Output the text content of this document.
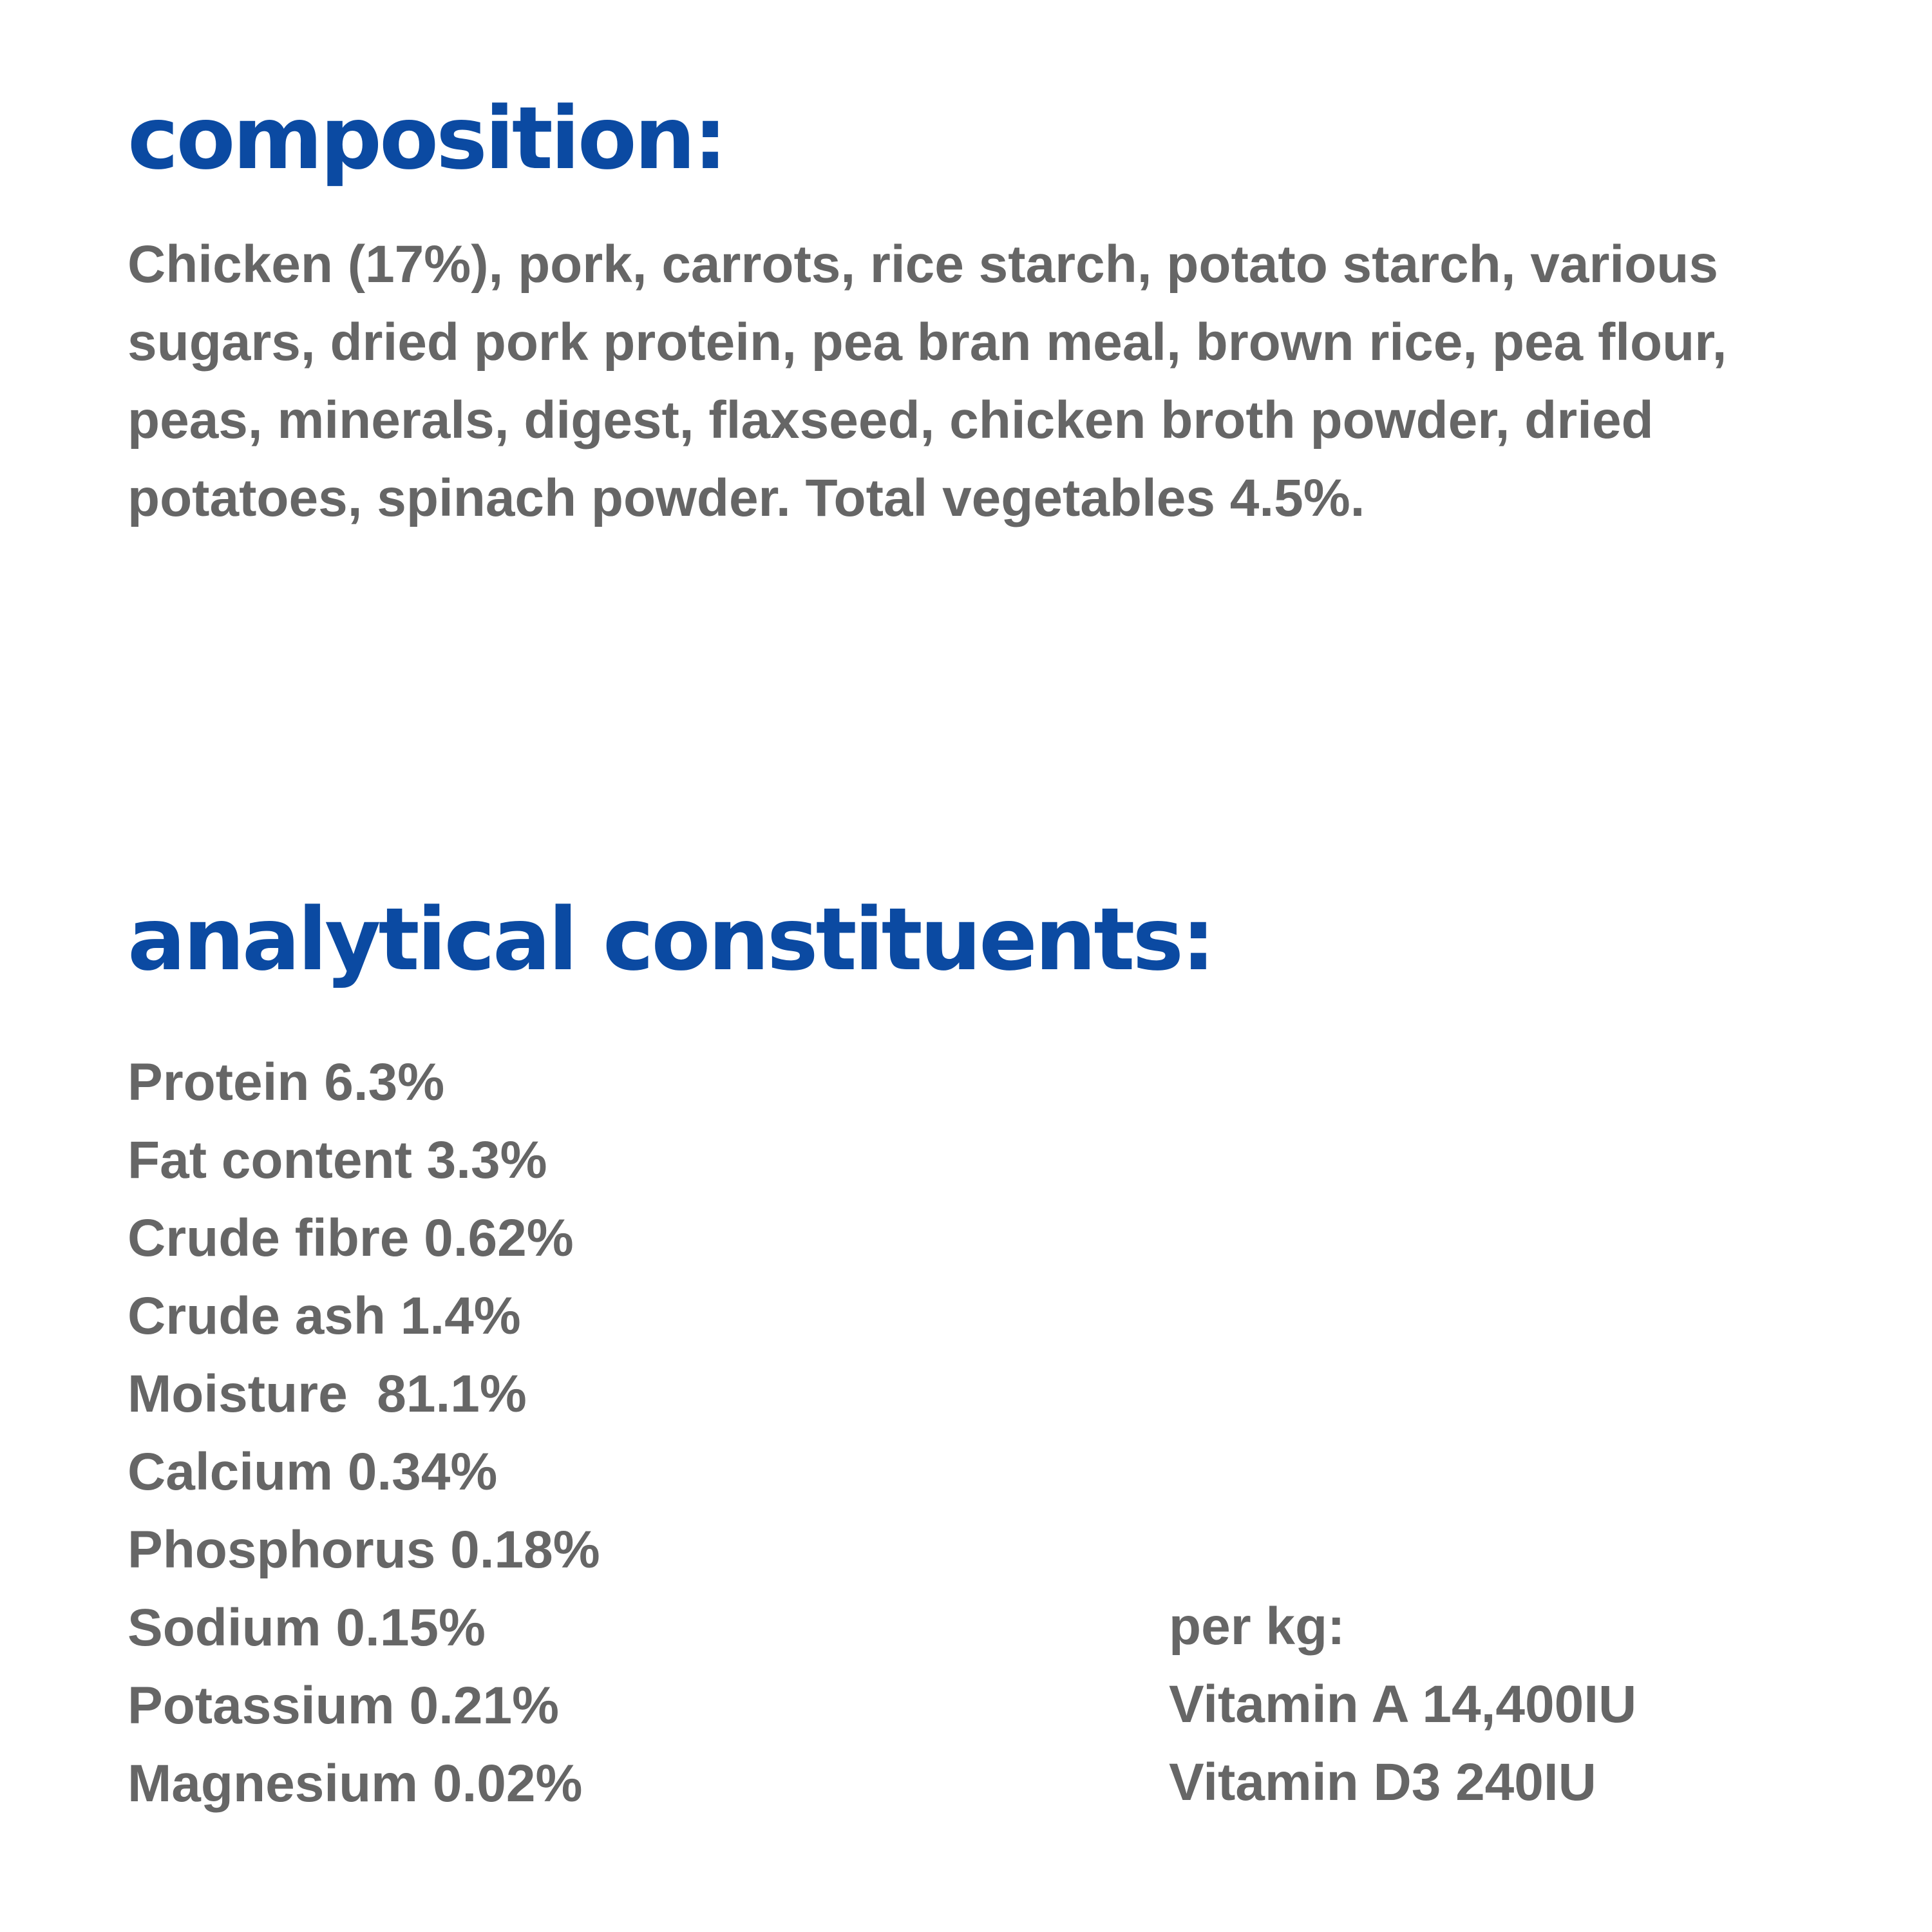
composition:

Chicken (17%), pork, carrots, rice starch, potato starch, various sugars, dried pork protein, pea bran meal, brown rice, pea flour, peas, minerals, digest, flaxseed, chicken broth powder, dried potatoes, spinach powder. Total vegetables 4.5%.

analytical constituents:
Protein 6.3%
Fat content 3.3%
Crude fibre 0.62%
Crude ash 1.4%
Moisture  81.1%
Calcium 0.34%
Phosphorus 0.18%
Sodium 0.15%
Potassium 0.21%
Magnesium 0.02%
per kg:
Vitamin A 14,400IU
Vitamin D3 240IU
